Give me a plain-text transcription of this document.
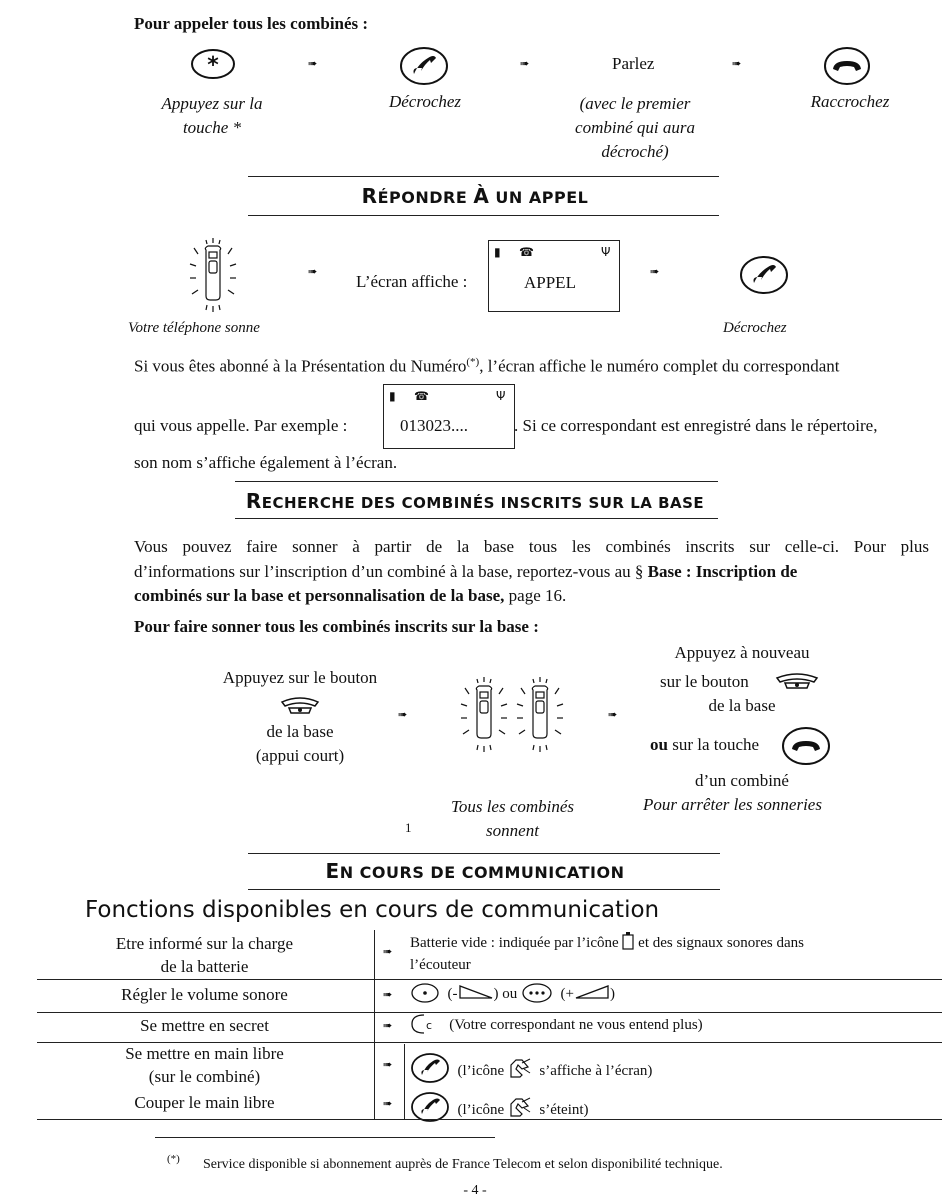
Pour appeler tous les combinés :
*	➠	➠	Parlez	➠
Appuyez sur la
touche *
Décrochez	(avec le premier
combiné qui aura
décroché)
Raccrochez
RÉPONDRE À UN APPEL
➠
L’écran affiche :
▮ ☎	Ψ
APPEL
➠
Votre téléphone sonne	Décrochez
Si vous êtes abonné à la Présentation du Numéro(*), l’écran affiche le numéro complet du correspondant
qui vous appelle. Par exemple :
▮ ☎	Ψ
013023....	. Si ce correspondant est enregistré dans le répertoire,
son nom s’affiche également à l’écran.
RECHERCHE DES COMBINÉS INSCRITS SUR LA BASE
Vous pouvez faire sonner à partir de la base tous les combinés inscrits sur celle-ci. Pour plus
d’informations sur l’inscription d’un combiné à la base, reportez-vous au § Base : Inscription de
combinés sur la base et personnalisation de la base, page 16.
Pour faire sonner tous les combinés inscrits sur la base :
Appuyez sur le bouton
de la base
(appui court)
➠	➠
Appuyez à nouveau
sur le bouton
de la base
ou sur la touche
d’un combiné
Pour arrêter les sonneries
Tous les combinés
sonnent
1
EN COURS DE COMMUNICATION
Fonctions disponibles en cours de communication
Etre informé sur la charge
de la batterie
➠
Batterie vide : indiquée par l’icône et des signaux sonores dans
l’écouteur
Régler le volume sonore	➠	(- ) ou	(+ )
Se mettre en secret	➠	c (Votre correspondant ne vous entend plus)
Se mettre en main libre
(sur le combiné)
➠	(l’icône s’affiche à l’écran)
Couper le main libre	➠	(l’icône s’éteint)
(*) Service disponible si abonnement auprès de France Telecom et selon disponibilité technique.
- 4 -
